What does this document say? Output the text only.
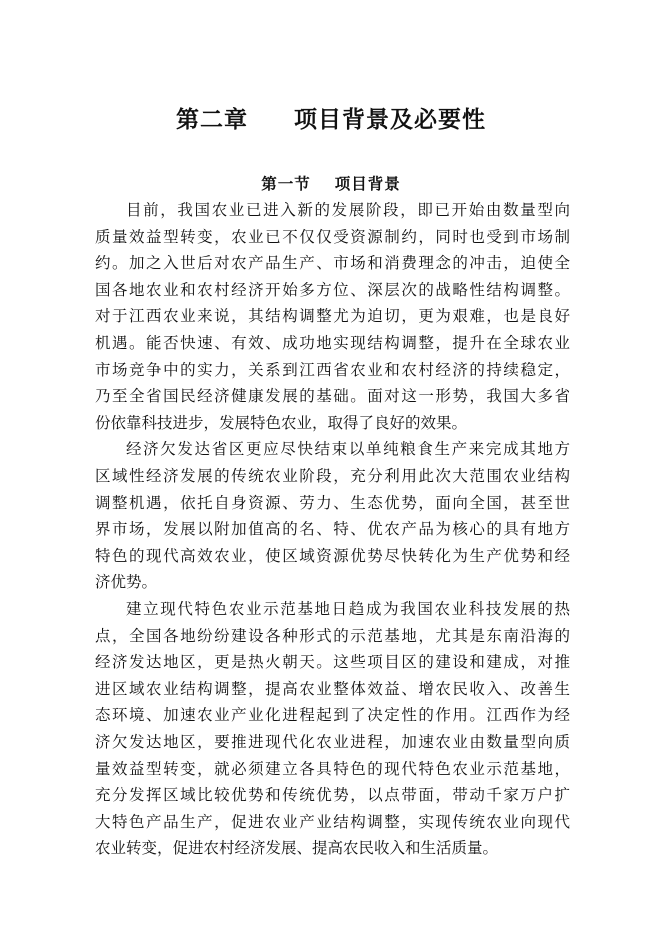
第二章 项目背景及必要性
第一节 项目背景
目前，我国农业已进入新的发展阶段，即已开始由数量型向
质量效益型转变，农业已不仅仅受资源制约，同时也受到市场制
约。加之入世后对农产品生产、市场和消费理念的冲击，迫使全
国各地农业和农村经济开始多方位、深层次的战略性结构调整。
对于江西农业来说，其结构调整尤为迫切，更为艰难，也是良好
机遇。能否快速、有效、成功地实现结构调整，提升在全球农业
市场竞争中的实力，关系到江西省农业和农村经济的持续稳定，
乃至全省国民经济健康发展的基础。面对这一形势，我国大多省
份依靠科技进步，发展特色农业，取得了良好的效果。
经济欠发达省区更应尽快结束以单纯粮食生产来完成其地方
区域性经济发展的传统农业阶段，充分利用此次大范围农业结构
调整机遇，依托自身资源、劳力、生态优势，面向全国，甚至世
界市场，发展以附加值高的名、特、优农产品为核心的具有地方
特色的现代高效农业，使区域资源优势尽快转化为生产优势和经
济优势。
建立现代特色农业示范基地日趋成为我国农业科技发展的热
点，全国各地纷纷建设各种形式的示范基地，尤其是东南沿海的
经济发达地区，更是热火朝天。这些项目区的建设和建成，对推
进区域农业结构调整，提高农业整体效益、增农民收入、改善生
态环境、加速农业产业化进程起到了决定性的作用。江西作为经
济欠发达地区，要推进现代化农业进程，加速农业由数量型向质
量效益型转变，就必须建立各具特色的现代特色农业示范基地，
充分发挥区域比较优势和传统优势，以点带面，带动千家万户扩
大特色产品生产，促进农业产业结构调整，实现传统农业向现代
农业转变，促进农村经济发展、提高农民收入和生活质量。
